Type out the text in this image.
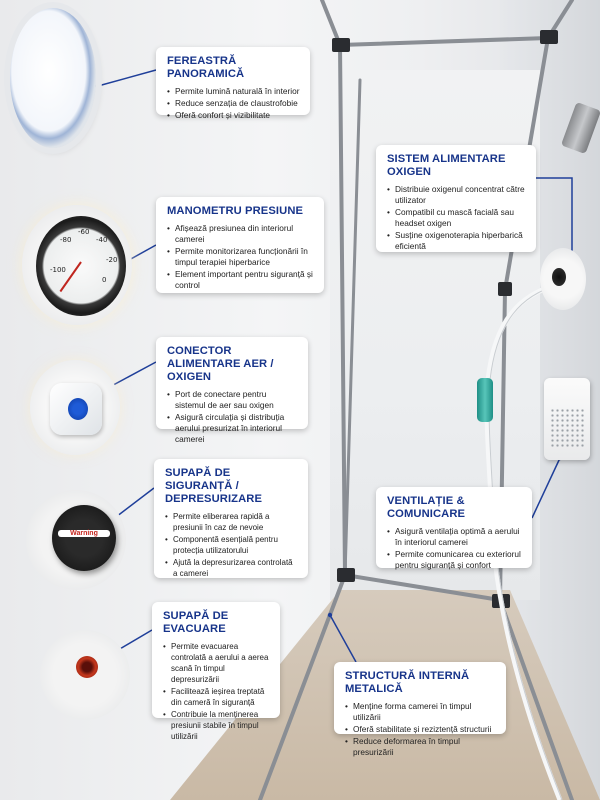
-80
-60
-40
-20
-100
0
Warning
FEREASTRĂ PANORAMICĂ
• Permite lumină naturală în interior
• Reduce senzația de claustrofobie
• Oferă confort și vizibilitate
MANOMETRU PRESIUNE
• Afișează presiunea din interiorul camerei
• Permite monitorizarea funcționării în timpul terapiei hiperbarice
• Element important pentru siguranță și control
CONECTOR ALIMENTARE AER / OXIGEN
• Port de conectare pentru sistemul de aer sau oxigen
• Asigură circulația și distribuția aerului presurizat în interiorul camerei
SUPAPĂ DE SIGURANȚĂ / DEPRESURIZARE
• Permite eliberarea rapidă a presiunii în caz de nevoie
• Componentă esențială pentru protecția utilizatorului
• Ajută la depresurizarea controlată a camerei
SUPAPĂ DE EVACUARE
• Permite evacuarea controlată a aerului a aerea scană în timpul depresurizării
• Facilitează ieșirea treptată din cameră în siguranță
• Contribuie la menținerea presiunii stabile în timpul utilizării
SISTEM ALIMENTARE OXIGEN
• Distribuie oxigenul concentrat către utilizator
• Compatibil cu mască facială sau headset oxigen
• Susține oxigenoterapia hiperbarică eficientă
VENTILAȚIE & COMUNICARE
• Asigură ventilația optimă a aerului în interiorul camerei
• Permite comunicarea cu exteriorul pentru siguranță și confort
STRUCTURĂ INTERNĂ METALICĂ
• Menține forma camerei în timpul utilizării
• Oferă stabilitate și reziztență structurii
• Reduce deformarea în timpul presurizării
